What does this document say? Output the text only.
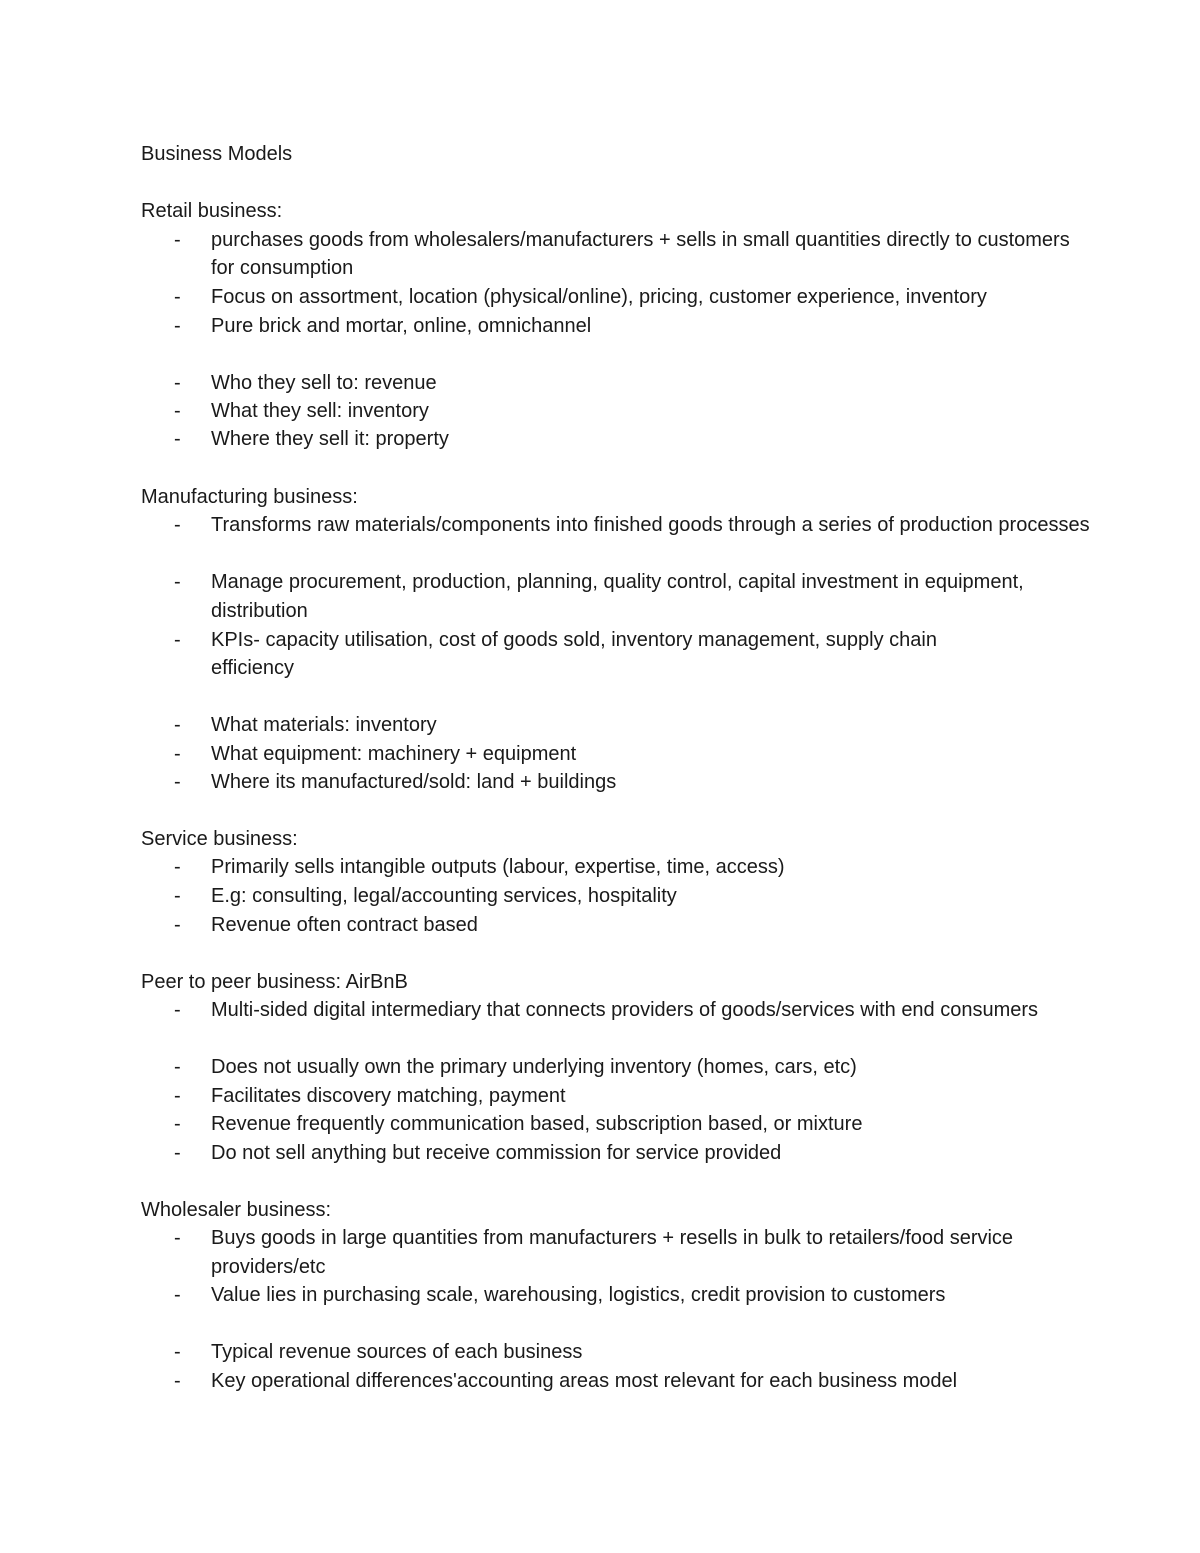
Business Models
Retail business:
-	purchases goods from wholesalers/manufacturers + sells in small quantities directly to customers
for consumption
-	Focus on assortment, location (physical/online), pricing, customer experience, inventory
-	Pure brick and mortar, online, omnichannel
-	Who they sell to: revenue
-	What they sell: inventory
-	Where they sell it: property
Manufacturing business:
-	Transforms raw materials/components into finished goods through a series of production processes
-	Manage procurement, production, planning, quality control, capital investment in equipment,
distribution
-	KPIs- capacity utilisation, cost of goods sold, inventory management, supply chain
efficiency
-	What materials: inventory
-	What equipment: machinery + equipment
-	Where its manufactured/sold: land + buildings
Service business:
-	Primarily sells intangible outputs (labour, expertise, time, access)
-	E.g: consulting, legal/accounting services, hospitality
-	Revenue often contract based
Peer to peer business: AirBnB
-	Multi-sided digital intermediary that connects providers of goods/services with end consumers
-	Does not usually own the primary underlying inventory (homes, cars, etc)
-	Facilitates discovery matching, payment
-	Revenue frequently communication based, subscription based, or mixture
-	Do not sell anything but receive commission for service provided
Wholesaler business:
-	Buys goods in large quantities from manufacturers + resells in bulk to retailers/food service
providers/etc
-	Value lies in purchasing scale, warehousing, logistics, credit provision to customers
-	Typical revenue sources of each business
-	Key operational differences'accounting areas most relevant for each business model
